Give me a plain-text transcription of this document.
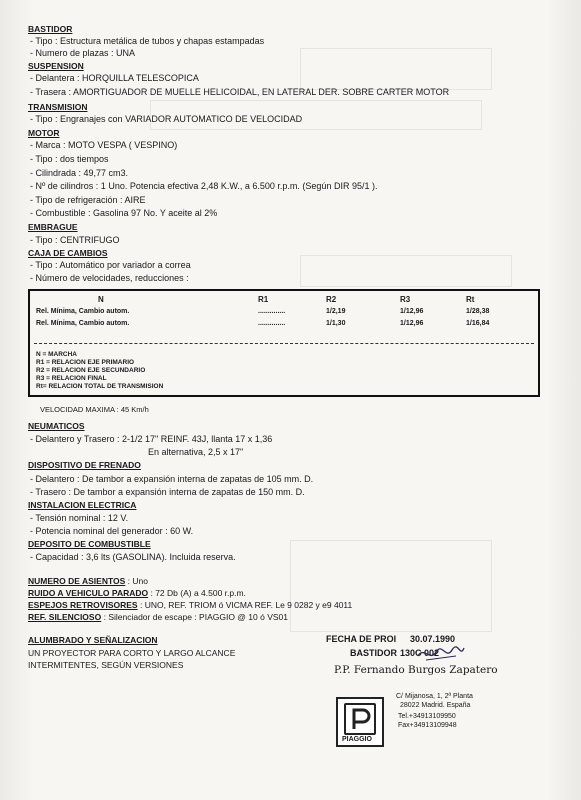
BASTIDOR
- Tipo : Estructura metálica de tubos y chapas estampadas
- Numero de plazas : UNA
SUSPENSION
- Delantera : HORQUILLA TELESCOPICA
- Trasera : AMORTIGUADOR DE MUELLE HELICOIDAL, EN LATERAL DER. SOBRE CARTER MOTOR
TRANSMISION
- Tipo : Engranajes con VARIADOR AUTOMATICO DE VELOCIDAD
MOTOR
- Marca : MOTO VESPA ( VESPINO)
- Tipo : dos tiempos
- Cilindrada : 49,77 cm3.
- Nº de cilindros : 1 Uno. Potencia efectiva 2,48 K.W., a 6.500 r.p.m. (Según DIR 95/1 ).
- Tipo de refrigeración : AIRE
- Combustible : Gasolina 97 No. Y aceite al 2%
EMBRAGUE
- Tipo : CENTRIFUGO
CAJA DE CAMBIOS
- Tipo : Automático por variador a correa
- Número de velocidades, reducciones :
N	R1	R2	R3	Rt
Rel. Mínima, Cambio autom.	..............	1/2,19	1/12,96	1/28,38
Rel. Mínima, Cambio autom.	..............	1/1,30	1/12,96	1/16,84
N = MARCHA
R1 = RELACION EJE PRIMARIO
R2 = RELACION EJE SECUNDARIO
R3 = RELACION FINAL
Rt= RELACION TOTAL DE TRANSMISION
VELOCIDAD MAXIMA : 45 Km/h
NEUMATICOS
- Delantero y Trasero : 2-1/2 17" REINF. 43J, llanta 17 x 1,36
En alternativa, 2,5 x 17"
DISPOSITIVO DE FRENADO
- Delantero : De tambor a expansión interna de zapatas de 105 mm. D.
- Trasero : De tambor a expansión interna de zapatas de 150 mm. D.
INSTALACION ELECTRICA
- Tensión nominal : 12 V.
- Potencia nominal del generador : 60 W.
DEPOSITO DE COMBUSTIBLE
- Capacidad : 3,6 lts (GASOLINA). Incluida reserva.
NUMERO DE ASIENTOS : Uno
RUIDO A VEHICULO PARADO : 72 Db (A) a 4.500 r.p.m.
ESPEJOS RETROVISORES : UNO, REF. TRIOM ó VICMA REF. Le 9 0282 y e9 4011
REF. SILENCIOSO : Silenciador de escape : PIAGGIO @ 10 ó VS01
ALUMBRADO Y SEÑALIZACION
UN PROYECTOR PARA CORTO Y LARGO ALCANCE
INTERMITENTES, SEGÚN VERSIONES
FECHA DE PROI 30.07.1990
BASTIDOR 130C 002
P.P. Fernando Burgos Zapatero
PIAGGIO
C/ Mijanosa, 1, 2ª Planta
28022 Madrid. España
Tel.+34913109950
Fax+34913109948
